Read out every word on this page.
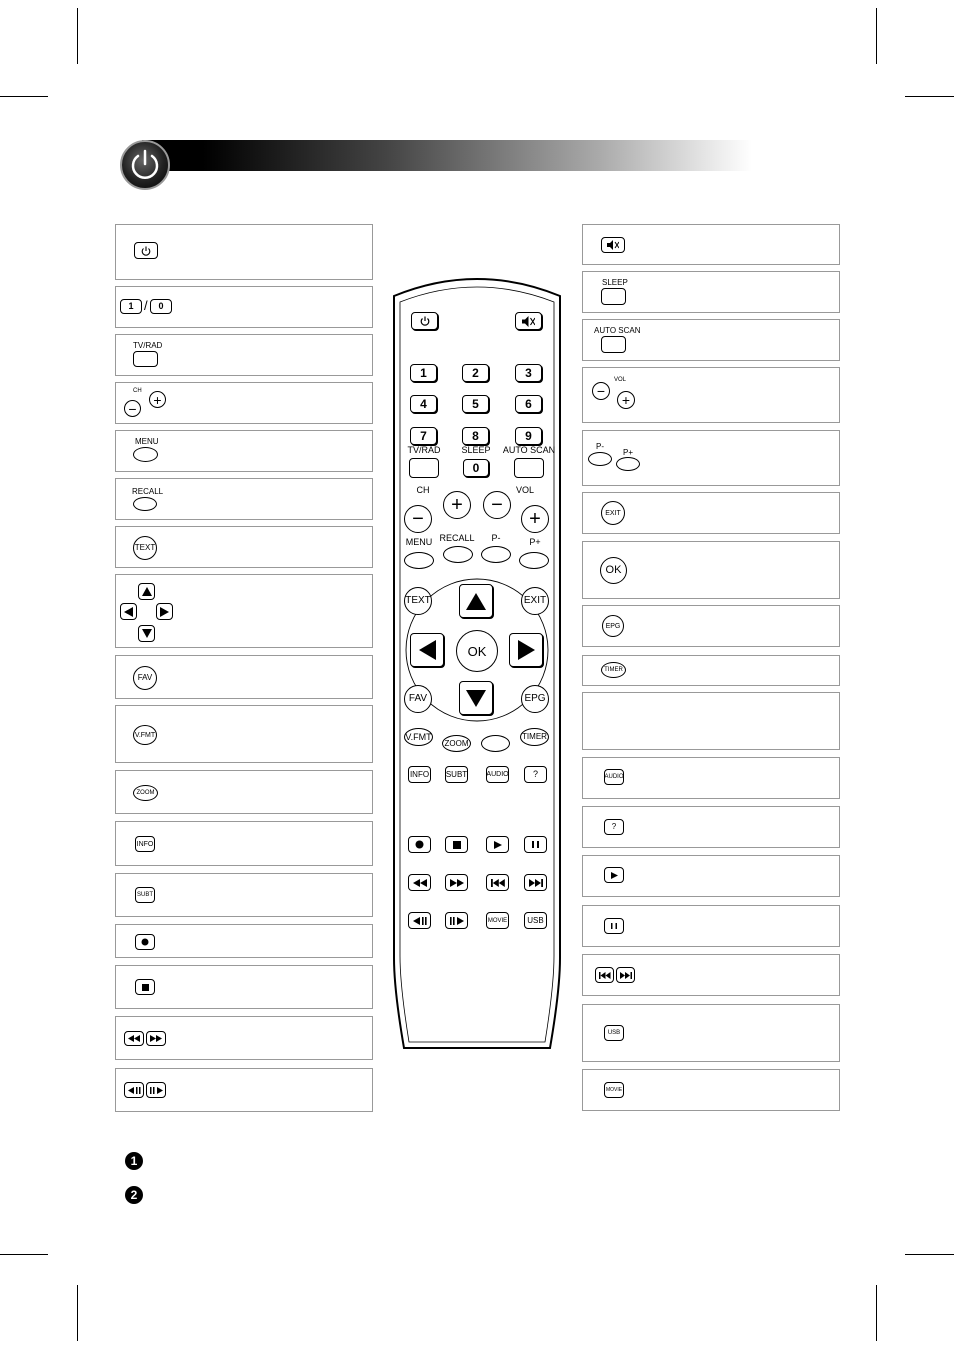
1 /	0
TV/RAD
CH
−
+
MENU
RECALL
TEXT
FAV
V.FMT
ZOOM
INFO
SUBT
SLEEP
AUTO SCAN
VOL
−
+
P-
P+
EXIT
OK
EPG
TIMER
AUDIO
?
USB
MOVIE
1	2	3
4	5	6
7	8	9
TV/RAD SLEEP AUTO SCAN
0
CH	VOL
−
+	−
+
MENU RECALL P-	P+
TEXT	EXIT
OK
FAV	EPG
V.FMT
ZOOM
TIMER
INFO SUBT	AUDIO	?
MOVIE	USB
1
2
